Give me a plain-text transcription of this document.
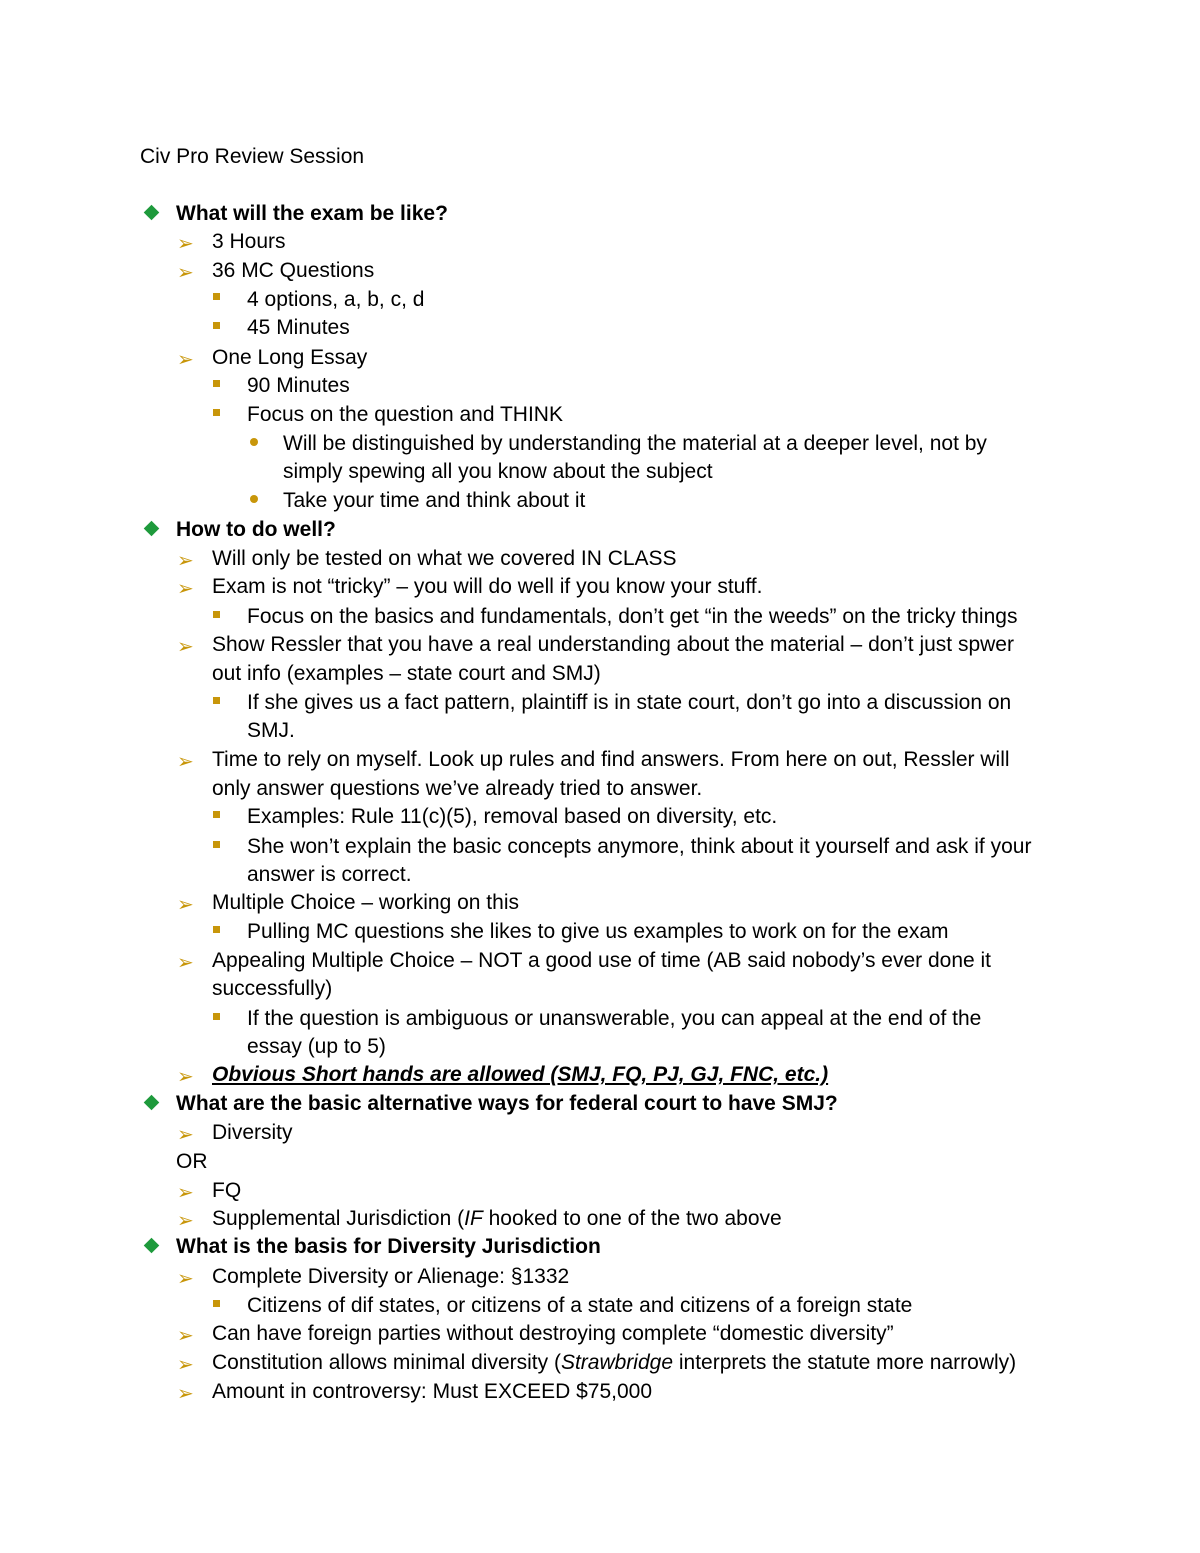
Civ Pro Review Session
What will the exam be like?
➢ 3 Hours
➢ 36 MC Questions
4 options, a, b, c, d
45 Minutes
➢ One Long Essay
90 Minutes
Focus on the question and THINK
Will be distinguished by understanding the material at a deeper level, not by
simply spewing all you know about the subject
Take your time and think about it
How to do well?
➢ Will only be tested on what we covered IN CLASS
➢ Exam is not “tricky” – you will do well if you know your stuff.
Focus on the basics and fundamentals, don’t get “in the weeds” on the tricky things
➢ Show Ressler that you have a real understanding about the material – don’t just spwer
out info (examples – state court and SMJ)
If she gives us a fact pattern, plaintiff is in state court, don’t go into a discussion on
SMJ.
➢ Time to rely on myself. Look up rules and find answers. From here on out, Ressler will
only answer questions we’ve already tried to answer.
Examples: Rule 11(c)(5), removal based on diversity, etc.
She won’t explain the basic concepts anymore, think about it yourself and ask if your
answer is correct.
➢ Multiple Choice – working on this
Pulling MC questions she likes to give us examples to work on for the exam
➢ Appealing Multiple Choice – NOT a good use of time (AB said nobody’s ever done it
successfully)
If the question is ambiguous or unanswerable, you can appeal at the end of the
essay (up to 5)
➢ Obvious Short hands are allowed (SMJ, FQ, PJ, GJ, FNC, etc.)
What are the basic alternative ways for federal court to have SMJ?
➢ Diversity
OR
➢ FQ
➢ Supplemental Jurisdiction (IF hooked to one of the two above
What is the basis for Diversity Jurisdiction
➢ Complete Diversity or Alienage: §1332
Citizens of dif states, or citizens of a state and citizens of a foreign state
➢ Can have foreign parties without destroying complete “domestic diversity”
➢ Constitution allows minimal diversity (Strawbridge interprets the statute more narrowly)
➢ Amount in controversy: Must EXCEED $75,000
